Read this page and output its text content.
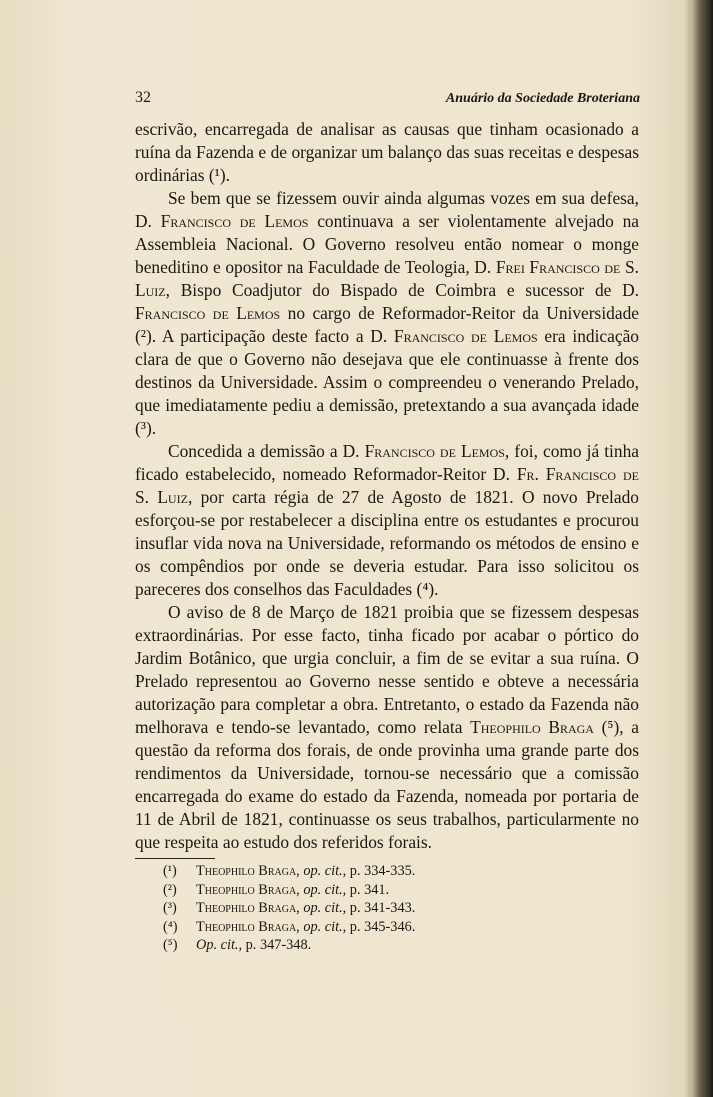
32	Anuário da Sociedade Broteriana

escrivão, encarregada de analisar as causas que tinham ocasionado a ruína da Fazenda e de organizar um balanço das suas receitas e despesas ordinárias (¹).

Se bem que se fizessem ouvir ainda algumas vozes em sua defesa, D. Francisco de Lemos continuava a ser violentamente alvejado na Assembleia Nacional. O Governo resolveu então nomear o monge beneditino e opositor na Faculdade de Teologia, D. Frei Francisco de S. Luiz, Bispo Coadjutor do Bispado de Coimbra e sucessor de D. Francisco de Lemos no cargo de Reformador-Reitor da Universidade (²). A participação deste facto a D. Francisco de Lemos era indicação clara de que o Governo não desejava que ele continuasse à frente dos destinos da Universidade. Assim o compreendeu o venerando Prelado, que imediatamente pediu a demissão, pretextando a sua avançada idade (³).

Concedida a demissão a D. Francisco de Lemos, foi, como já tinha ficado estabelecido, nomeado Reformador-Reitor D. Fr. Francisco de S. Luiz, por carta régia de 27 de Agosto de 1821. O novo Prelado esforçou-se por restabelecer a disciplina entre os estudantes e procurou insuflar vida nova na Universidade, reformando os métodos de ensino e os compêndios por onde se deveria estudar. Para isso solicitou os pareceres dos conselhos das Faculdades (⁴).

O aviso de 8 de Março de 1821 proibia que se fizessem despesas extraordinárias. Por esse facto, tinha ficado por acabar o pórtico do Jardim Botânico, que urgia concluir, a fim de se evitar a sua ruína. O Prelado representou ao Governo nesse sentido e obteve a necessária autorização para completar a obra. Entretanto, o estado da Fazenda não melhorava e tendo-se levantado, como relata Theophilo Braga (⁵), a questão da reforma dos forais, de onde provinha uma grande parte dos rendimentos da Universidade, tornou-se necessário que a comissão encarregada do exame do estado da Fazenda, nomeada por portaria de 11 de Abril de 1821, continuasse os seus trabalhos, particularmente no que respeita ao estudo dos referidos forais.

(¹) Theophilo Braga, op. cit., p. 334-335.
(²) Theophilo Braga, op. cit., p. 341.
(³) Theophilo Braga, op. cit., p. 341-343.
(⁴) Theophilo Braga, op. cit., p. 345-346.
(⁵) Op. cit., p. 347-348.
